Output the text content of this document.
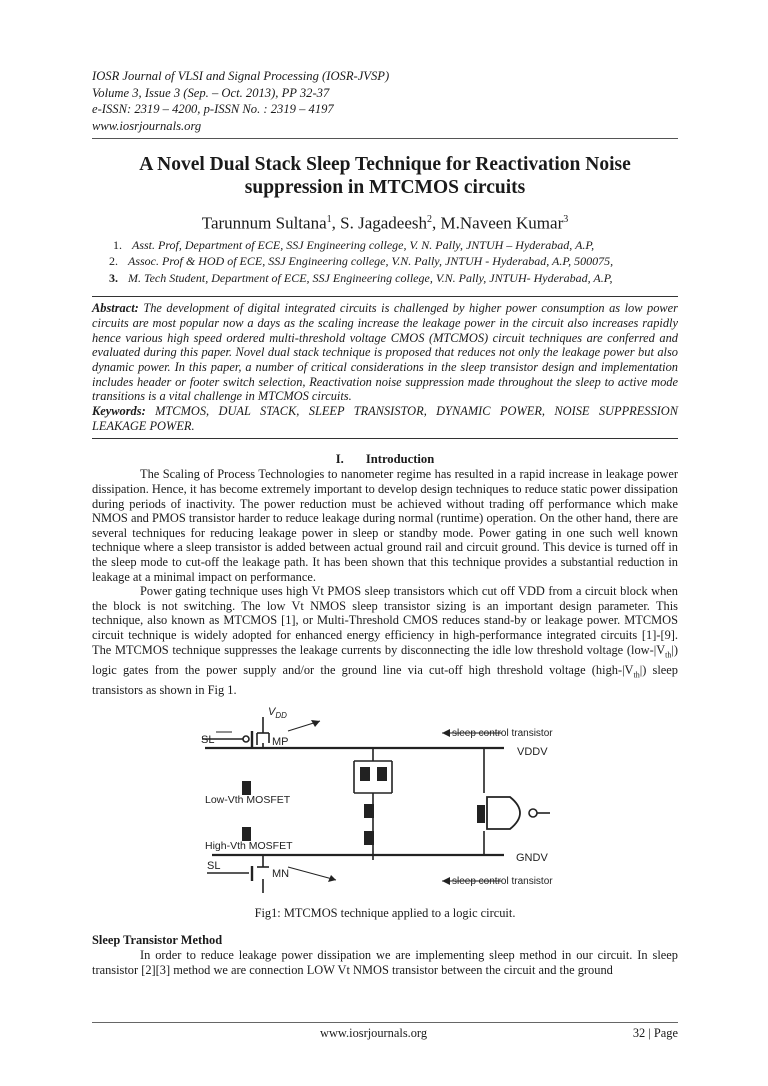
IOSR Journal of VLSI and Signal Processing (IOSR-JVSP)
Volume 3, Issue 3 (Sep. – Oct. 2013), PP 32-37
e-ISSN: 2319 – 4200, p-ISSN No. : 2319 – 4197
www.iosrjournals.org
A Novel Dual Stack Sleep Technique for Reactivation Noise
suppression in MTCMOS circuits
Tarunnum Sultana$^1$, S. Jagadeesh$^2$, M.Naveen Kumar$^3$
1. Asst. Prof, Department of ECE, SSJ Engineering college, V. N. Pally, JNTUH – Hyderabad, A.P,
2. Assoc. Prof & HOD of ECE, SSJ Engineering college, V.N. Pally, JNTUH - Hyderabad, A.P, 500075,
3. M. Tech Student, Department of ECE, SSJ Engineering college, V.N. Pally, JNTUH- Hyderabad, A.P,
Abstract: The development of digital integrated circuits is challenged by higher power consumption as low power circuits are most popular now a days as the scaling increase the leakage power in the circuit also increases rapidly hence various high speed ordered multi-threshold voltage CMOS (MTCMOS) circuit techniques are conferred and evaluated during this paper. Novel dual stack technique is proposed that reduces not only the leakage power but also dynamic power. In this paper, a number of critical considerations in the sleep transistor design and implementation includes header or footer switch selection, Reactivation noise suppression made throughout the sleep to active mode transitions is a vital challenge in MTCMOS circuits.
Keywords: MTCMOS, DUAL STACK, SLEEP TRANSISTOR, DYNAMIC POWER, NOISE SUPPRESSION LEAKAGE POWER.
I. Introduction

The Scaling of Process Technologies to nanometer regime has resulted in a rapid increase in leakage power dissipation. Hence, it has become extremely important to develop design techniques to reduce static power dissipation during periods of inactivity. The power reduction must be achieved without trading off performance which make NMOS and PMOS transistor harder to reduce leakage during normal (runtime) operation. On the other hand, there are several techniques for reducing leakage power in sleep or standby mode. Power gating in one such well known technique where a sleep transistor is added between actual ground rail and circuit ground. This device is turned off in the sleep mode to cut-off the leakage path. It has been shown that this technique provides a substantial reduction in leakage at a minimal impact on performance.

Power gating technique uses high Vt PMOS sleep transistors which cut off VDD from a circuit block when the block is not switching. The low Vt NMOS sleep transistor sizing is an important design parameter. This technique, also known as MTCMOS [1], or Multi-Threshold CMOS reduces stand-by or leakage power. MTCMOS circuit technique is widely adopted for enhanced energy efficiency in high-performance integrated circuits [1]-[9]. The MTCMOS technique suppresses the leakage currents by disconnecting the idle low threshold voltage $(low-|V_{th}|)$ logic gates from the power supply and/or the ground line via cut-off high threshold voltage $(high-|V_{th}|)$ sleep transistors as shown in Fig 1.

$V_{DD}$
SL	MP
sleep control transistor
VDDV
Low-Vth MOSFET
High-Vth MOSFET
GNDV
SL
MN
sleep control transistor
Fig1: MTCMOS technique applied to a logic circuit.
Sleep Transistor Method

In order to reduce leakage power dissipation we are implementing sleep method in our circuit. In sleep transistor [2][3] method we are connection LOW Vt NMOS transistor between the circuit and the ground

www.iosrjournals.org	32 | Page
